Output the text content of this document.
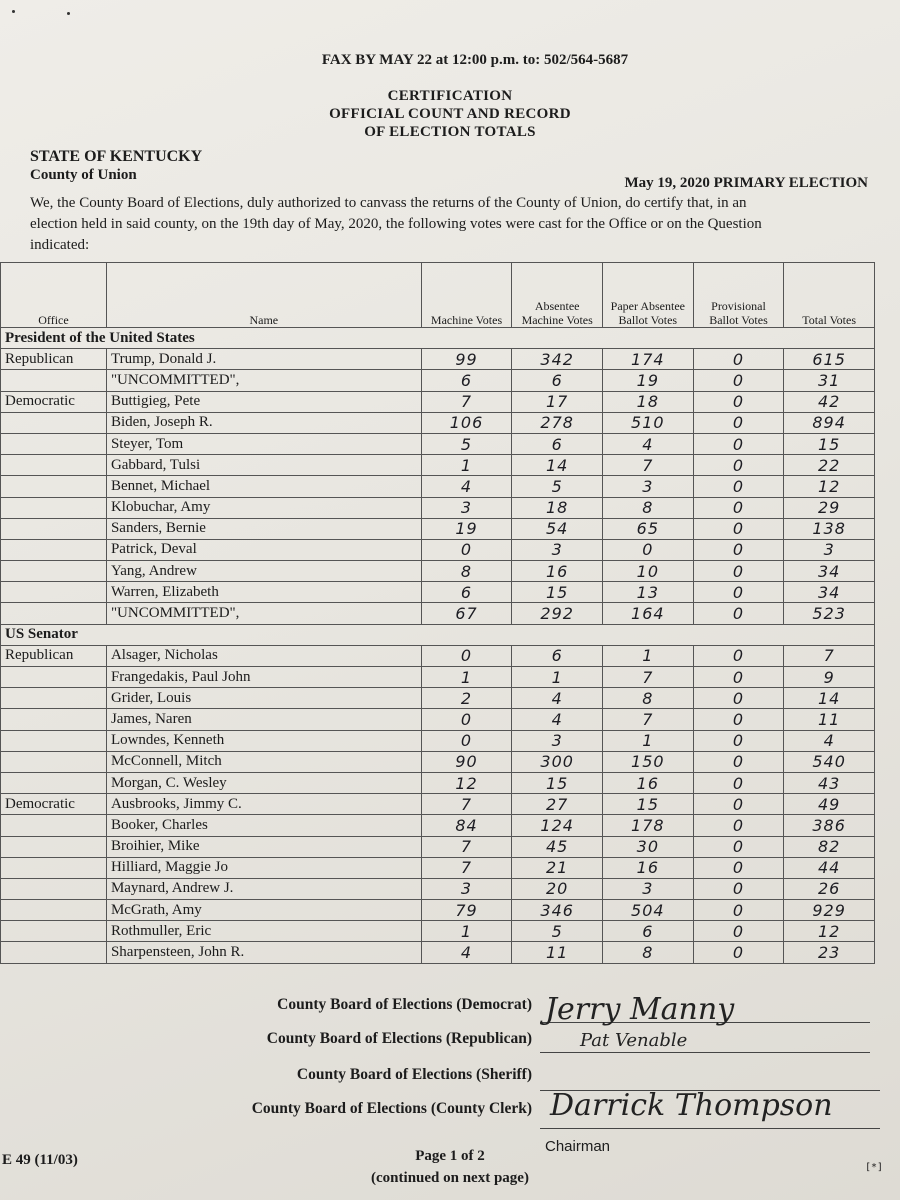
FAX BY MAY 22 at 12:00 p.m. to: 502/564-5687
CERTIFICATION
OFFICIAL COUNT AND RECORD
OF ELECTION TOTALS
STATE OF KENTUCKY
County of Union	May 19, 2020 PRIMARY ELECTION
We, the County Board of Elections, duly authorized to canvass the returns of the County of Union, do certify that, in an
election held in said county, on the 19th day of May, 2020, the following votes were cast for the Office or on the Question
indicated:
Office	Name	Machine Votes	Absentee Machine Votes	Paper Absentee Ballot Votes	Provisional Ballot Votes	Total Votes
President of the United States						
Republican	Trump, Donald J.	99	342	174	0	615
	"UNCOMMITTED",	6	6	19	0	31
Democratic	Buttigieg, Pete	7	17	18	0	42
	Biden, Joseph R.	106	278	510	0	894
	Steyer, Tom	5	6	4	0	15
	Gabbard, Tulsi	1	14	7	0	22
	Bennet, Michael	4	5	3	0	12
	Klobuchar, Amy	3	18	8	0	29
	Sanders, Bernie	19	54	65	0	138
	Patrick, Deval	0	3	0	0	3
	Yang, Andrew	8	16	10	0	34
	Warren, Elizabeth	6	15	13	0	34
	"UNCOMMITTED",	67	292	164	0	523
US Senator						
Republican	Alsager, Nicholas	0	6	1	0	7
	Frangedakis, Paul John	1	1	7	0	9
	Grider, Louis	2	4	8	0	14
	James, Naren	0	4	7	0	11
	Lowndes, Kenneth	0	3	1	0	4
	McConnell, Mitch	90	300	150	0	540
	Morgan, C. Wesley	12	15	16	0	43
Democratic	Ausbrooks, Jimmy C.	7	27	15	0	49
	Booker, Charles	84	124	178	0	386
	Broihier, Mike	7	45	30	0	82
	Hilliard, Maggie Jo	7	21	16	0	44
	Maynard, Andrew J.	3	20	3	0	26
	McGrath, Amy	79	346	504	0	929
	Rothmuller, Eric	1	5	6	0	12
	Sharpensteen, John R.	4	11	8	0	23
County Board of Elections (Democrat) Jerry Manny
County Board of Elections (Republican)	Pat Venable
County Board of Elections (Sheriff)
County Board of Elections (County Clerk) Darrick Thompson
Chairman
E 49 (11/03)	Page 1 of 2
(continued on next page)
[*]
